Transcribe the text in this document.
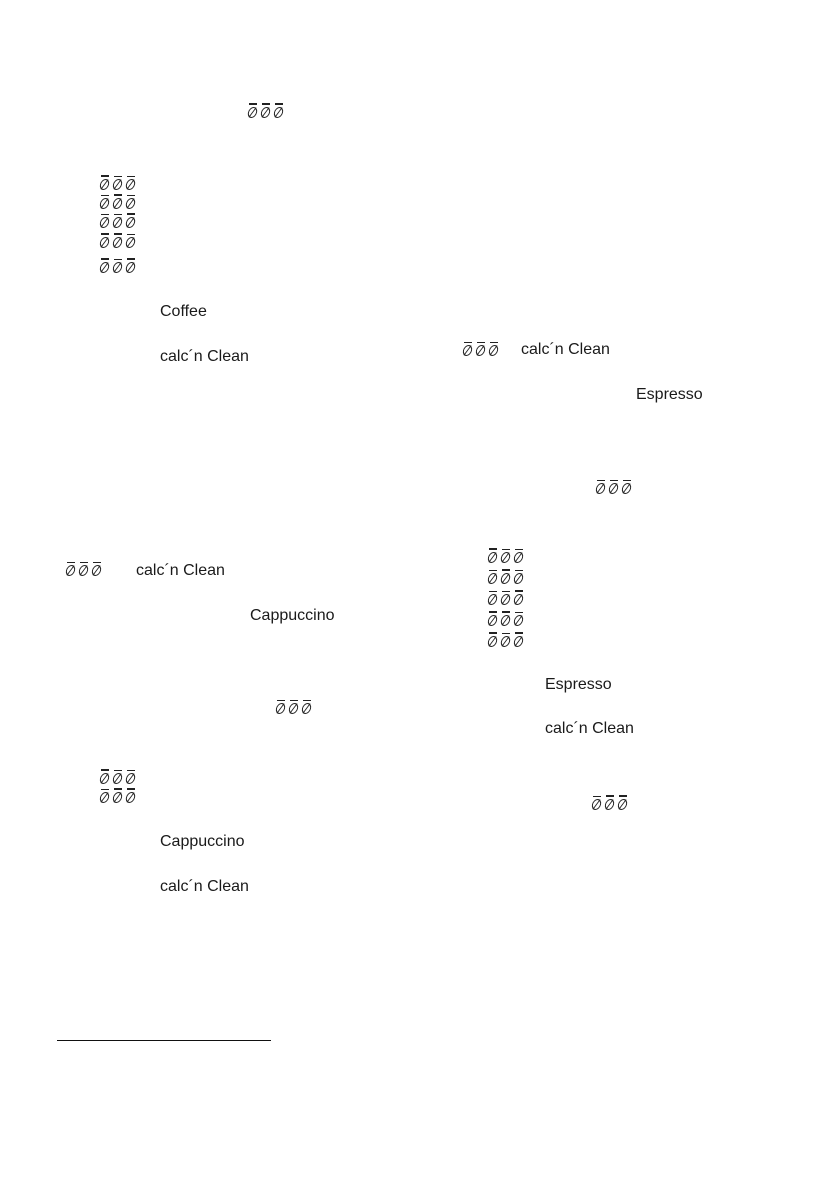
Coffee
calc´n Clean
calc´n Clean
Cappuccino
Cappuccino
calc´n Clean
calc´n Clean
Espresso
Espresso
calc´n Clean
